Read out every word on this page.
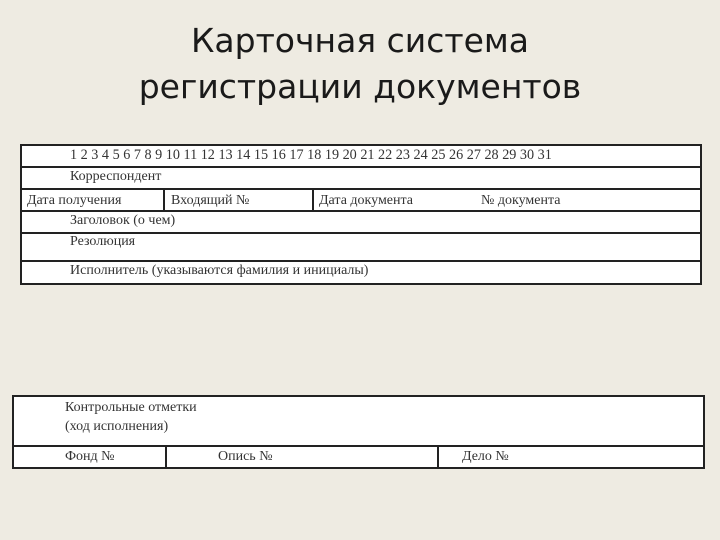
Карточная система
регистрации документов
1 2 3 4 5 6 7 8 9 10 11 12 13 14 15 16 17 18 19 20 21 22 23 24 25 26 27 28 29 30 31
Корреспондент
Дата получения	Входящий №	Дата документа	№ документа
Заголовок (о чем)
Резолюция
Исполнитель (указываются фамилия и инициалы)
Контрольные отметки
(ход исполнения)
Фонд №	Опись №	Дело №
